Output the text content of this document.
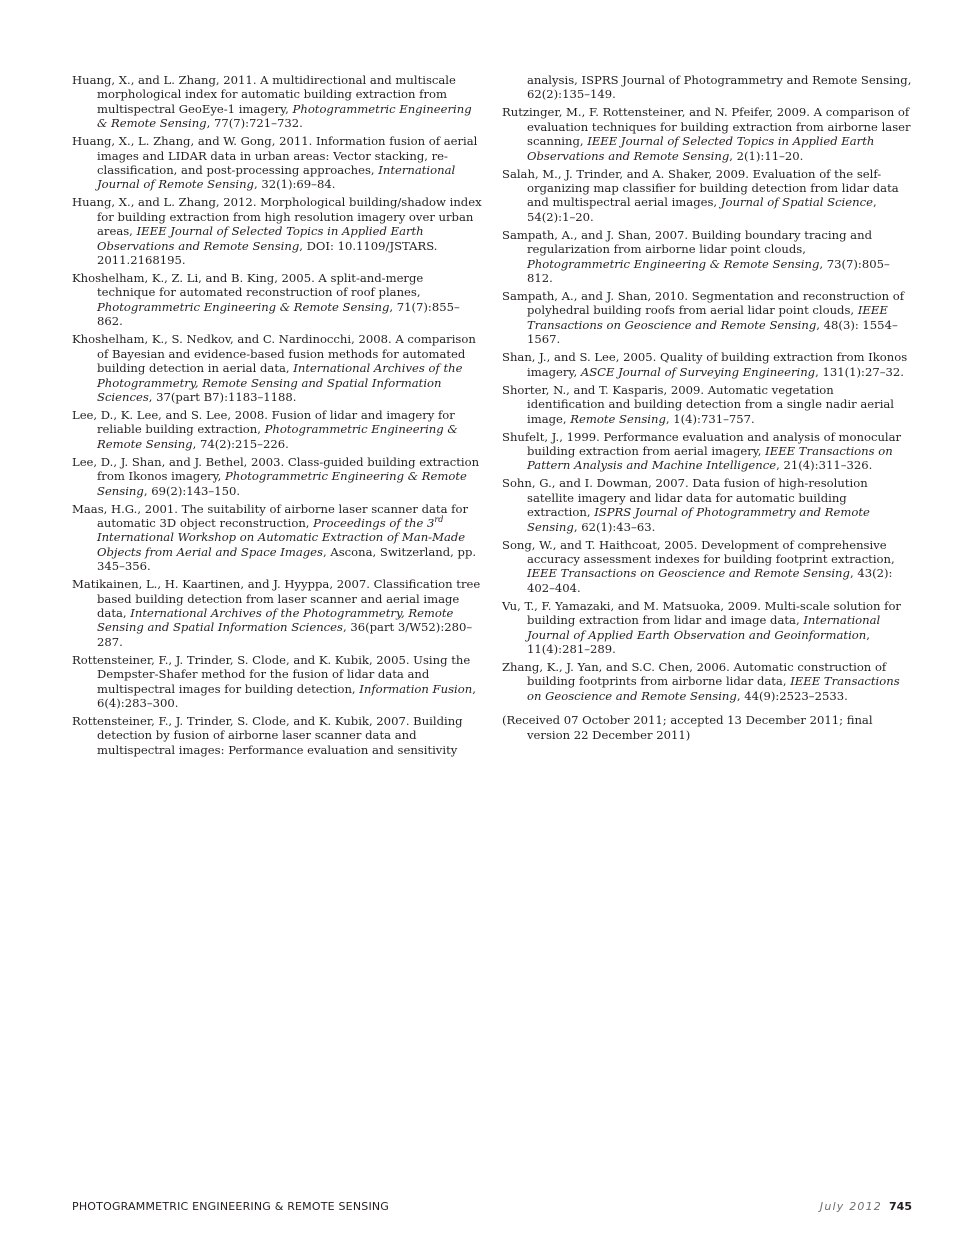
Huang, X., and L. Zhang, 2011. A multidirectional and multiscale morphological index for automatic building extraction from multispectral GeoEye-1 imagery, Photogrammetric Engineering & Remote Sensing, 77(7):721–732.

Huang, X., L. Zhang, and W. Gong, 2011. Information fusion of aerial images and LIDAR data in urban areas: Vector stacking, re-classification, and post-processing approaches, International Journal of Remote Sensing, 32(1):69–84.

Huang, X., and L. Zhang, 2012. Morphological building/shadow index for building extraction from high resolution imagery over urban areas, IEEE Journal of Selected Topics in Applied Earth Observations and Remote Sensing, DOI: 10.1109/JSTARS. 2011.2168195.

Khoshelham, K., Z. Li, and B. King, 2005. A split-and-merge technique for automated reconstruction of roof planes, Photogrammetric Engineering & Remote Sensing, 71(7):855–862.

Khoshelham, K., S. Nedkov, and C. Nardinocchi, 2008. A comparison of Bayesian and evidence-based fusion methods for automated building detection in aerial data, International Archives of the Photogrammetry, Remote Sensing and Spatial Information Sciences, 37(part B7):1183–1188.

Lee, D., K. Lee, and S. Lee, 2008. Fusion of lidar and imagery for reliable building extraction, Photogrammetric Engineering & Remote Sensing, 74(2):215–226.

Lee, D., J. Shan, and J. Bethel, 2003. Class-guided building extraction from Ikonos imagery, Photogrammetric Engineering & Remote Sensing, 69(2):143–150.

Maas, H.G., 2001. The suitability of airborne laser scanner data for automatic 3D object reconstruction, Proceedings of the 3rd International Workshop on Automatic Extraction of Man-Made Objects from Aerial and Space Images, Ascona, Switzerland, pp. 345–356.

Matikainen, L., H. Kaartinen, and J. Hyyppa, 2007. Classification tree based building detection from laser scanner and aerial image data, International Archives of the Photogrammetry, Remote Sensing and Spatial Information Sciences, 36(part 3/W52):280–287.

Rottensteiner, F., J. Trinder, S. Clode, and K. Kubik, 2005. Using the Dempster-Shafer method for the fusion of lidar data and multispectral images for building detection, Information Fusion, 6(4):283–300.

Rottensteiner, F., J. Trinder, S. Clode, and K. Kubik, 2007. Building detection by fusion of airborne laser scanner data and multispectral images: Performance evaluation and sensitivity

analysis, ISPRS Journal of Photogrammetry and Remote Sensing, 62(2):135–149.

Rutzinger, M., F. Rottensteiner, and N. Pfeifer, 2009. A comparison of evaluation techniques for building extraction from airborne laser scanning, IEEE Journal of Selected Topics in Applied Earth Observations and Remote Sensing, 2(1):11–20.

Salah, M., J. Trinder, and A. Shaker, 2009. Evaluation of the self-organizing map classifier for building detection from lidar data and multispectral aerial images, Journal of Spatial Science, 54(2):1–20.

Sampath, A., and J. Shan, 2007. Building boundary tracing and regularization from airborne lidar point clouds, Photogrammetric Engineering & Remote Sensing, 73(7):805–812.

Sampath, A., and J. Shan, 2010. Segmentation and reconstruction of polyhedral building roofs from aerial lidar point clouds, IEEE Transactions on Geoscience and Remote Sensing, 48(3): 1554–1567.

Shan, J., and S. Lee, 2005. Quality of building extraction from Ikonos imagery, ASCE Journal of Surveying Engineering, 131(1):27–32.

Shorter, N., and T. Kasparis, 2009. Automatic vegetation identification and building detection from a single nadir aerial image, Remote Sensing, 1(4):731–757.

Shufelt, J., 1999. Performance evaluation and analysis of monocular building extraction from aerial imagery, IEEE Transactions on Pattern Analysis and Machine Intelligence, 21(4):311–326.

Sohn, G., and I. Dowman, 2007. Data fusion of high-resolution satellite imagery and lidar data for automatic building extraction, ISPRS Journal of Photogrammetry and Remote Sensing, 62(1):43–63.

Song, W., and T. Haithcoat, 2005. Development of comprehensive accuracy assessment indexes for building footprint extraction, IEEE Transactions on Geoscience and Remote Sensing, 43(2): 402–404.

Vu, T., F. Yamazaki, and M. Matsuoka, 2009. Multi-scale solution for building extraction from lidar and image data, International Journal of Applied Earth Observation and Geoinformation, 11(4):281–289.

Zhang, K., J. Yan, and S.C. Chen, 2006. Automatic construction of building footprints from airborne lidar data, IEEE Transactions on Geoscience and Remote Sensing, 44(9):2523–2533.

(Received 07 October 2011; accepted 13 December 2011; final version 22 December 2011)

PHOTOGRAMMETRIC ENGINEERING & REMOTE SENSING	July 2012 745
